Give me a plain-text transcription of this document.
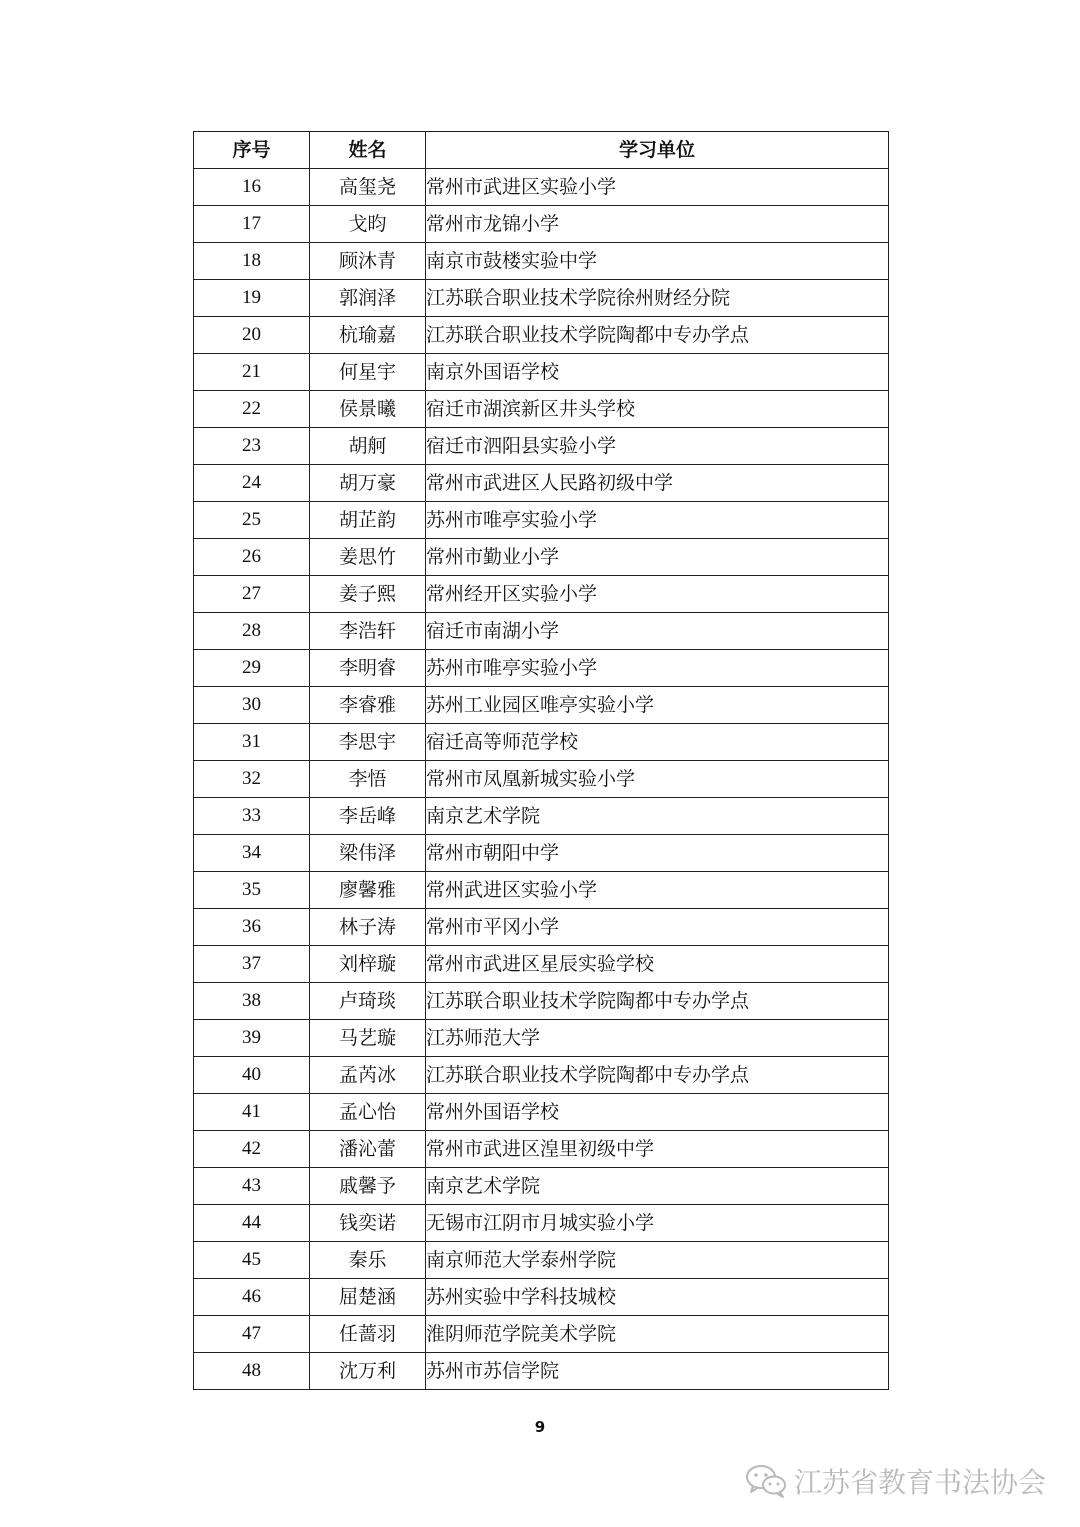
序号	姓名	学习单位
16	高玺尧	常州市武进区实验小学
17	戈昀	常州市龙锦小学
18	顾沐青	南京市鼓楼实验中学
19	郭润泽	江苏联合职业技术学院徐州财经分院
20	杭瑜嘉	江苏联合职业技术学院陶都中专办学点
21	何星宇	南京外国语学校
22	侯景曦	宿迁市湖滨新区井头学校
23	胡舸	宿迁市泗阳县实验小学
24	胡万豪	常州市武进区人民路初级中学
25	胡芷韵	苏州市唯亭实验小学
26	姜思竹	常州市勤业小学
27	姜子熙	常州经开区实验小学
28	李浩轩	宿迁市南湖小学
29	李明睿	苏州市唯亭实验小学
30	李睿雅	苏州工业园区唯亭实验小学
31	李思宇	宿迁高等师范学校
32	李悟	常州市凤凰新城实验小学
33	李岳峰	南京艺术学院
34	梁伟泽	常州市朝阳中学
35	廖馨雅	常州武进区实验小学
36	林子涛	常州市平冈小学
37	刘梓璇	常州市武进区星辰实验学校
38	卢琦琰	江苏联合职业技术学院陶都中专办学点
39	马艺璇	江苏师范大学
40	孟芮冰	江苏联合职业技术学院陶都中专办学点
41	孟心怡	常州外国语学校
42	潘沁蕾	常州市武进区湟里初级中学
43	戚馨予	南京艺术学院
44	钱奕诺	无锡市江阴市月城实验小学
45	秦乐	南京师范大学泰州学院
46	屈楚涵	苏州实验中学科技城校
47	任蔷羽	淮阴师范学院美术学院
48	沈万利	苏州市苏信学院
9
江苏省教育书法协会
